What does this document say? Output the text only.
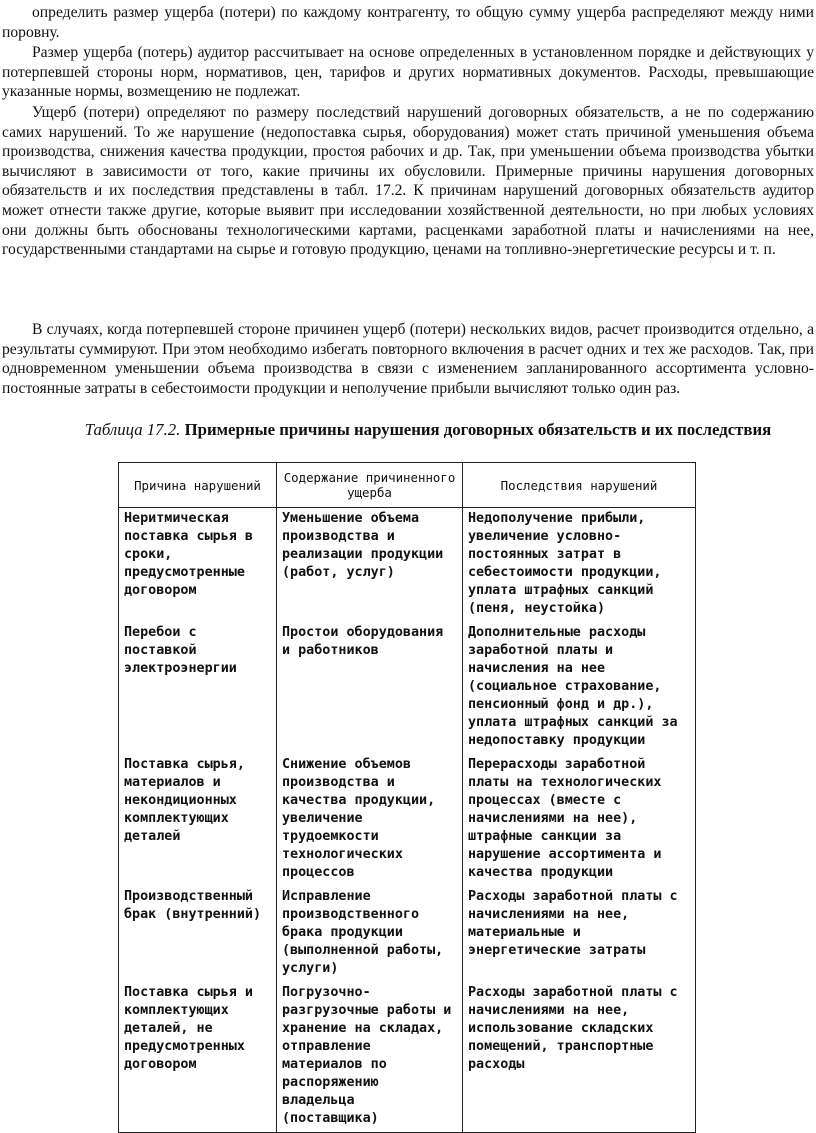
определить размер ущерба (потери) по каждому контрагенту, то общую сумму ущерба распределяют между ними поровну.

Размер ущерба (потерь) аудитор рассчитывает на основе определенных в установленном порядке и действующих у потерпевшей стороны норм, нормативов, цен, тарифов и других нормативных документов. Расходы, превышающие указанные нормы, возмещению не подлежат.

Ущерб (потери) определяют по размеру последствий нарушений договорных обязательств, а не по содержанию самих нарушений. То же нарушение (недопоставка сырья, оборудования) может стать причиной уменьшения объема производства, снижения качества продукции, простоя рабочих и др. Так, при уменьшении объема производства убытки вычисляют в зависимости от того, какие причины их обусловили. Примерные причины нарушения договорных обязательств и их последствия представлены в табл. 17.2. К причинам нарушений договорных обязательств аудитор может отнести также другие, которые выявит при исследовании хозяйственной деятельности, но при любых условиях они должны быть обоснованы технологическими картами, расценками заработной платы и начислениями на нее, государственными стандартами на сырье и готовую продукцию, ценами на топливно-энергетические ресурсы и т. п.

В случаях, когда потерпевшей стороне причинен ущерб (потери) нескольких видов, расчет производится отдельно, а результаты суммируют. При этом необходимо избегать повторного включения в расчет одних и тех же расходов. Так, при одновременном уменьшении объема производства в связи с изменением запланированного ассортимента условно-постоянные затраты в себестоимости продукции и неполучение прибыли вычисляют только один раз.

Таблица 17.2. Примерные причины нарушения договорных обязательств и их последствия
Причина нарушений	Содержание причиненного ущерба	Последствия нарушений
Неритмическая поставка сырья в сроки, предусмотренные договором	Уменьшение объема производства и реализации продукции (работ, услуг)	Недополучение прибыли, увеличение условно-постоянных затрат в себестоимости продукции, уплата штрафных санкций (пеня, неустойка)
Перебои с поставкой электроэнергии	Простои оборудования и работников	Дополнительные расходы заработной платы и начисления на нее (социальное страхование, пенсионный фонд и др.), уплата штрафных санкций за недопоставку продукции
Поставка сырья, материалов и некондиционных комплектующих деталей	Снижение объемов производства и качества продукции, увеличение трудоемкости технологических процессов	Перерасходы заработной платы на технологических процессах (вместе с начислениями на нее), штрафные санкции за нарушение ассортимента и качества продукции
Производственный брак (внутренний)	Исправление производственного брака продукции (выполненной работы, услуги)	Расходы заработной платы с начислениями на нее, материальные и энергетические затраты
Поставка сырья и комплектующих деталей, не предусмотренных договором	Погрузочно-разгрузочные работы и хранение на складах, отправление материалов по распоряжению владельца (поставщика)	Расходы заработной платы с начислениями на нее, использование складских помещений, транспортные расходы
